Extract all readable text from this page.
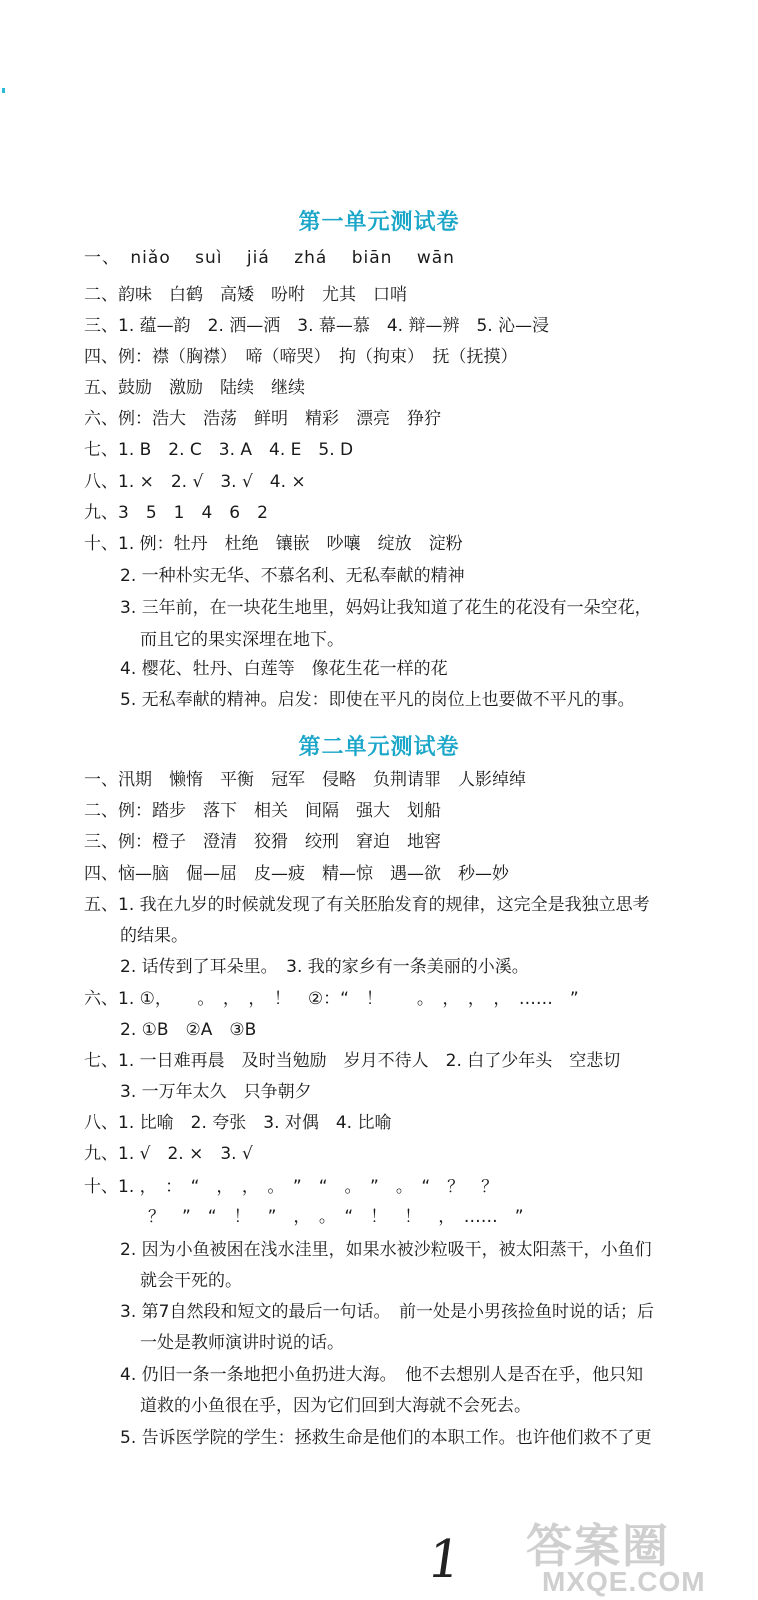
第一单元测试卷
一、 niǎo suì jiá zhá biān wān
二、韵味　白鹤　高矮　吩咐　尤其　口哨
三、1. 蕴—韵　2. 洒—洒　3. 幕—慕　4. 辩—辨　5. 沁—浸
四、例：襟（胸襟）　啼（啼哭）　拘（拘束）　抚（抚摸）
五、鼓励　激励　陆续　继续
六、例：浩大　浩荡　鲜明　精彩　漂亮　狰狞
七、1. B　2. C　3. A　4. E　5. D
八、1. ×　2. √　3. √　4. ×
九、3　5　1　4　6　2
十、1. 例：牡丹　杜绝　镶嵌　吵嚷　绽放　淀粉
2. 一种朴实无华、不慕名利、无私奉献的精神
3. 三年前，在一块花生地里，妈妈让我知道了花生的花没有一朵空花，
而且它的果实深埋在地下。
4. 樱花、牡丹、白莲等　像花生花一样的花
5. 无私奉献的精神。启发：即使在平凡的岗位上也要做不平凡的事。
第二单元测试卷
一、汛期　懒惰　平衡　冠军　侵略　负荆请罪　人影绰绰
二、例：踏步　落下　相关　间隔　强大　划船
三、例：橙子　澄清　狡猾　绞刑　窘迫　地窖
四、恼—脑　倔—屈　皮—疲　精—惊　遇—欲　秒—妙
五、1. 我在九岁的时候就发现了有关胚胎发育的规律，这完全是我独立思考
的结果。
2. 话传到了耳朵里。　3. 我的家乡有一条美丽的小溪。
六、1. ①，　　。　，　，　！　②：“　！　　。　，　，　，　……　”
2. ①B　②A　③B
七、1. 一日难再晨　及时当勉励　岁月不待人　2. 白了少年头　空悲切
3. 一万年太久　只争朝夕
八、1. 比喻　2. 夸张　3. 对偶　4. 比喻
九、1. √　2. ×　3. √
十、1. ，　：　“　，　，　。　”　“　。　”　。　“　？　？
？　”　“　！　”　，　。　“　！　！　，　……　”
2. 因为小鱼被困在浅水洼里，如果水被沙粒吸干，被太阳蒸干，小鱼们
就会干死的。
3. 第7自然段和短文的最后一句话。　前一处是小男孩捡鱼时说的话；后
一处是教师演讲时说的话。
4. 仍旧一条一条地把小鱼扔进大海。　他不去想别人是否在乎，他只知
道救的小鱼很在乎，因为它们回到大海就不会死去。
5. 告诉医学院的学生：拯救生命是他们的本职工作。也许他们救不了更
1 答案圈
MXQE.COM
